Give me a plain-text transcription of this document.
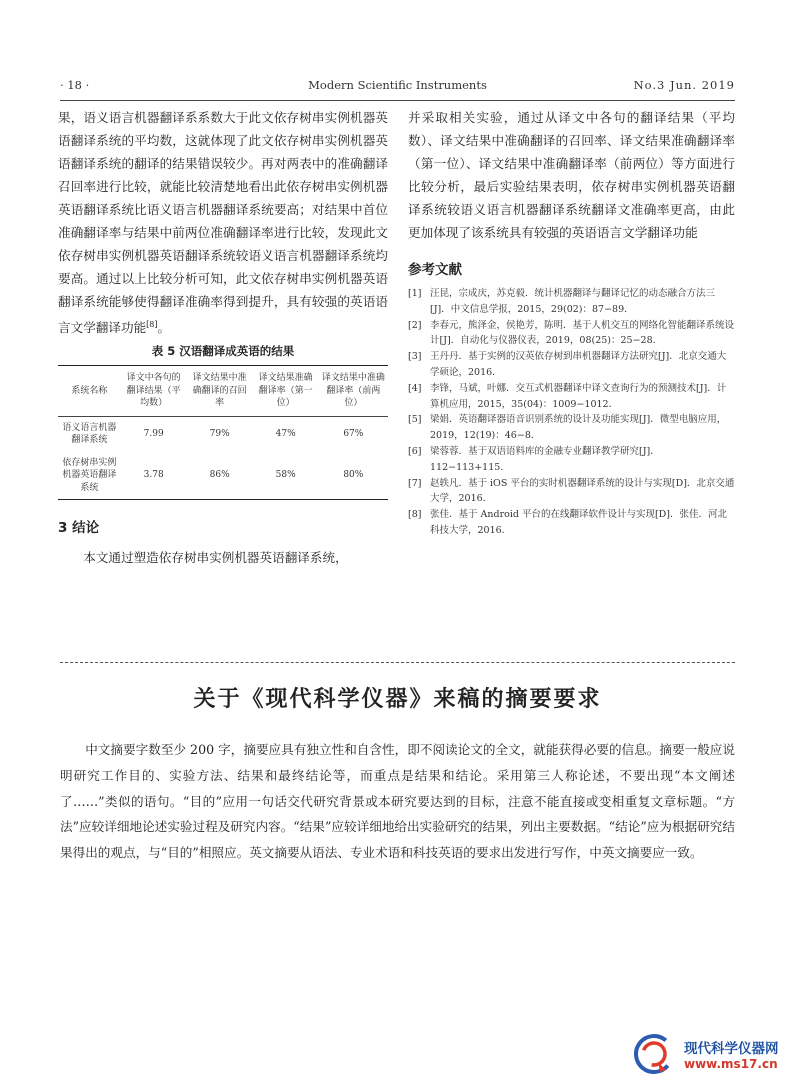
· 18 ·	Modern Scientific Instruments	No.3 Jun. 2019

果，语义语言机器翻译系系数大于此文依存树串实例机器英语翻译系统的平均数，这就体现了此文依存树串实例机器英语翻译系统的翻译的结果错误较少。再对两表中的准确翻译召回率进行比较，就能比较清楚地看出此依存树串实例机器英语翻译系统比语义语言机器翻译系统要高；对结果中首位准确翻译率与结果中前两位准确翻译率进行比较，发现此文依存树串实例机器英语翻译系统较语义语言机器翻译系统均要高。通过以上比较分析可知，此文依存树串实例机器英语翻译系统能够使得翻译准确率得到提升，具有较强的英语语言文学翻译功能[8]。

表 5 汉语翻译成英语的结果
系统名称	译文中各句的翻译结果（平均数）	译文结果中准确翻译的召回率	译文结果准确翻译率（第一位）	译文结果中准确翻译率（前两位）
语义语言机器翻译系统	7.99	79%	47%	67%
依存树串实例机器英语翻译系统	3.78	86%	58%	80%
3 结论

本文通过塑造依存树串实例机器英语翻译系统，

并采取相关实验，通过从译文中各句的翻译结果（平均数）、译文结果中准确翻译的召回率、译文结果准确翻译率（第一位）、译文结果中准确翻译率（前两位）等方面进行比较分析，最后实验结果表明，依存树串实例机器英语翻译系统较语义语言机器翻译系统翻译文准确率更高，由此更加体现了该系统具有较强的英语语言文学翻译功能

参考文献
[1] 汪昆，宗成庆，苏克毅．统计机器翻译与翻译记忆的动态融合方法三[J]．中文信息学报，2015，29(02)：87−89．
[2] 李春元，熊泽金，侯艳芳，陈明．基于人机交互的网络化智能翻译系统设计[J]．自动化与仪器仪表，2019，08(25)：25−28．
[3] 王丹丹．基于实例的汉英依存树到串机器翻译方法研究[J]．北京交通大学硕论，2016．
[4] 李锋，马斌，叶娜．交互式机器翻译中译文查询行为的预测技术[J]．计算机应用，2015，35(04)：1009−1012．
[5] 梁娟．英语翻译器语音识别系统的设计及功能实现[J]．微型电脑应用，2019，12(19)：46−8．
[6] 梁蓉蓉．基于双语语料库的金融专业翻译教学研究[J]．112−113+115．
[7] 赵轶凡．基于 iOS 平台的实时机器翻译系统的设计与实现[D]．北京交通大学，2016．
[8] 张佳．基于 Android 平台的在线翻译软件设计与实现[D]．张佳．河北科技大学，2016．
关于《现代科学仪器》来稿的摘要要求

中文摘要字数至少 200 字，摘要应具有独立性和自含性，即不阅读论文的全文，就能获得必要的信息。摘要一般应说明研究工作目的、实验方法、结果和最终结论等，而重点是结果和结论。采用第三人称论述，不要出现“本文阐述了……”类似的语句。“目的”应用一句话交代研究背景或本研究要达到的目标，注意不能直接或变相重复文章标题。“方法”应较详细地论述实验过程及研究内容。“结果”应较详细地给出实验研究的结果，列出主要数据。“结论”应为根据研究结果得出的观点，与“目的”相照应。英文摘要从语法、专业术语和科技英语的要求出发进行写作，中英文摘要应一致。

现代科学仪器网
www.ms17.cn
